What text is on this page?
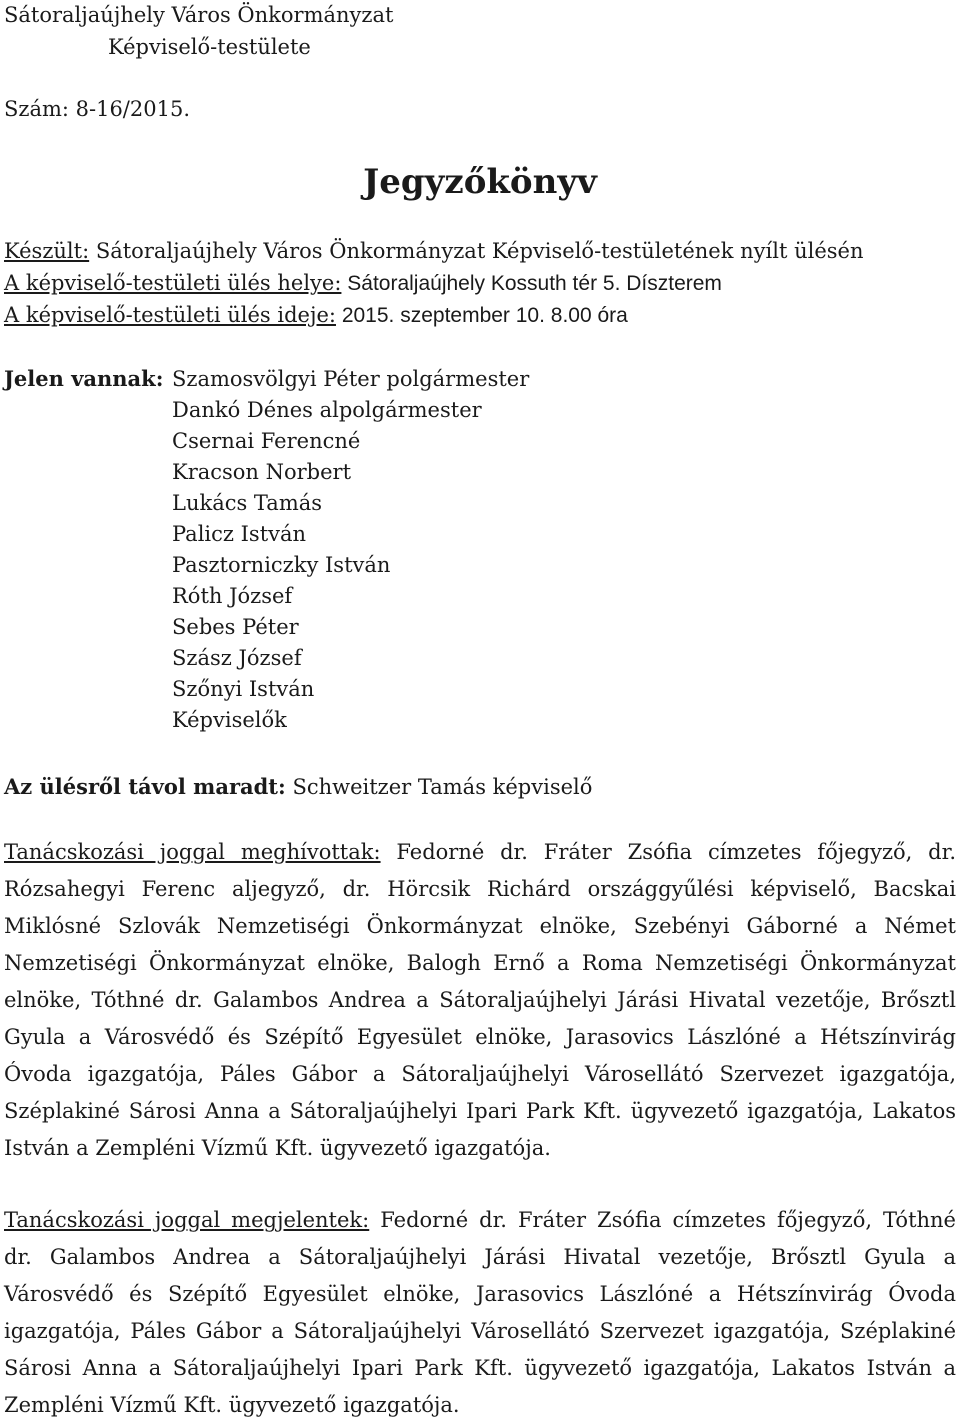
Sátoraljaújhely Város Önkormányzat
Képviselő-testülete
Szám: 8-16/2015.
Jegyzőkönyv
Készült: Sátoraljaújhely Város Önkormányzat Képviselő-testületének nyílt ülésén
A képviselő-testületi ülés helye: Sátoraljaújhely Kossuth tér 5. Díszterem
A képviselő-testületi ülés ideje: 2015. szeptember 10. 8.00 óra
Jelen vannak: Szamosvölgyi Péter polgármester
Dankó Dénes alpolgármester
Csernai Ferencné
Kracson Norbert
Lukács Tamás
Palicz István
Pasztorniczky István
Róth József
Sebes Péter
Szász József
Szőnyi István
Képviselők
Az ülésről távol maradt: Schweitzer Tamás képviselő
Tanácskozási joggal meghívottak: Fedorné dr. Fráter Zsófia címzetes főjegyző, dr.
Rózsahegyi Ferenc aljegyző, dr. Hörcsik Richárd országgyűlési képviselő, Bacskai
Miklósné Szlovák Nemzetiségi Önkormányzat elnöke, Szebényi Gáborné a Német
Nemzetiségi Önkormányzat elnöke, Balogh Ernő a Roma Nemzetiségi Önkormányzat
elnöke, Tóthné dr. Galambos Andrea a Sátoraljaújhelyi Járási Hivatal vezetője, Brősztl
Gyula a Városvédő és Szépítő Egyesület elnöke, Jarasovics Lászlóné a Hétszínvirág
Óvoda igazgatója, Páles Gábor a Sátoraljaújhelyi Városellátó Szervezet igazgatója,
Széplakiné Sárosi Anna a Sátoraljaújhelyi Ipari Park Kft. ügyvezető igazgatója, Lakatos
István a Zempléni Vízmű Kft. ügyvezető igazgatója.
Tanácskozási joggal megjelentek: Fedorné dr. Fráter Zsófia címzetes főjegyző, Tóthné
dr. Galambos Andrea a Sátoraljaújhelyi Járási Hivatal vezetője, Brősztl Gyula a
Városvédő és Szépítő Egyesület elnöke, Jarasovics Lászlóné a Hétszínvirág Óvoda
igazgatója, Páles Gábor a Sátoraljaújhelyi Városellátó Szervezet igazgatója, Széplakiné
Sárosi Anna a Sátoraljaújhelyi Ipari Park Kft. ügyvezető igazgatója, Lakatos István a
Zempléni Vízmű Kft. ügyvezető igazgatója.
